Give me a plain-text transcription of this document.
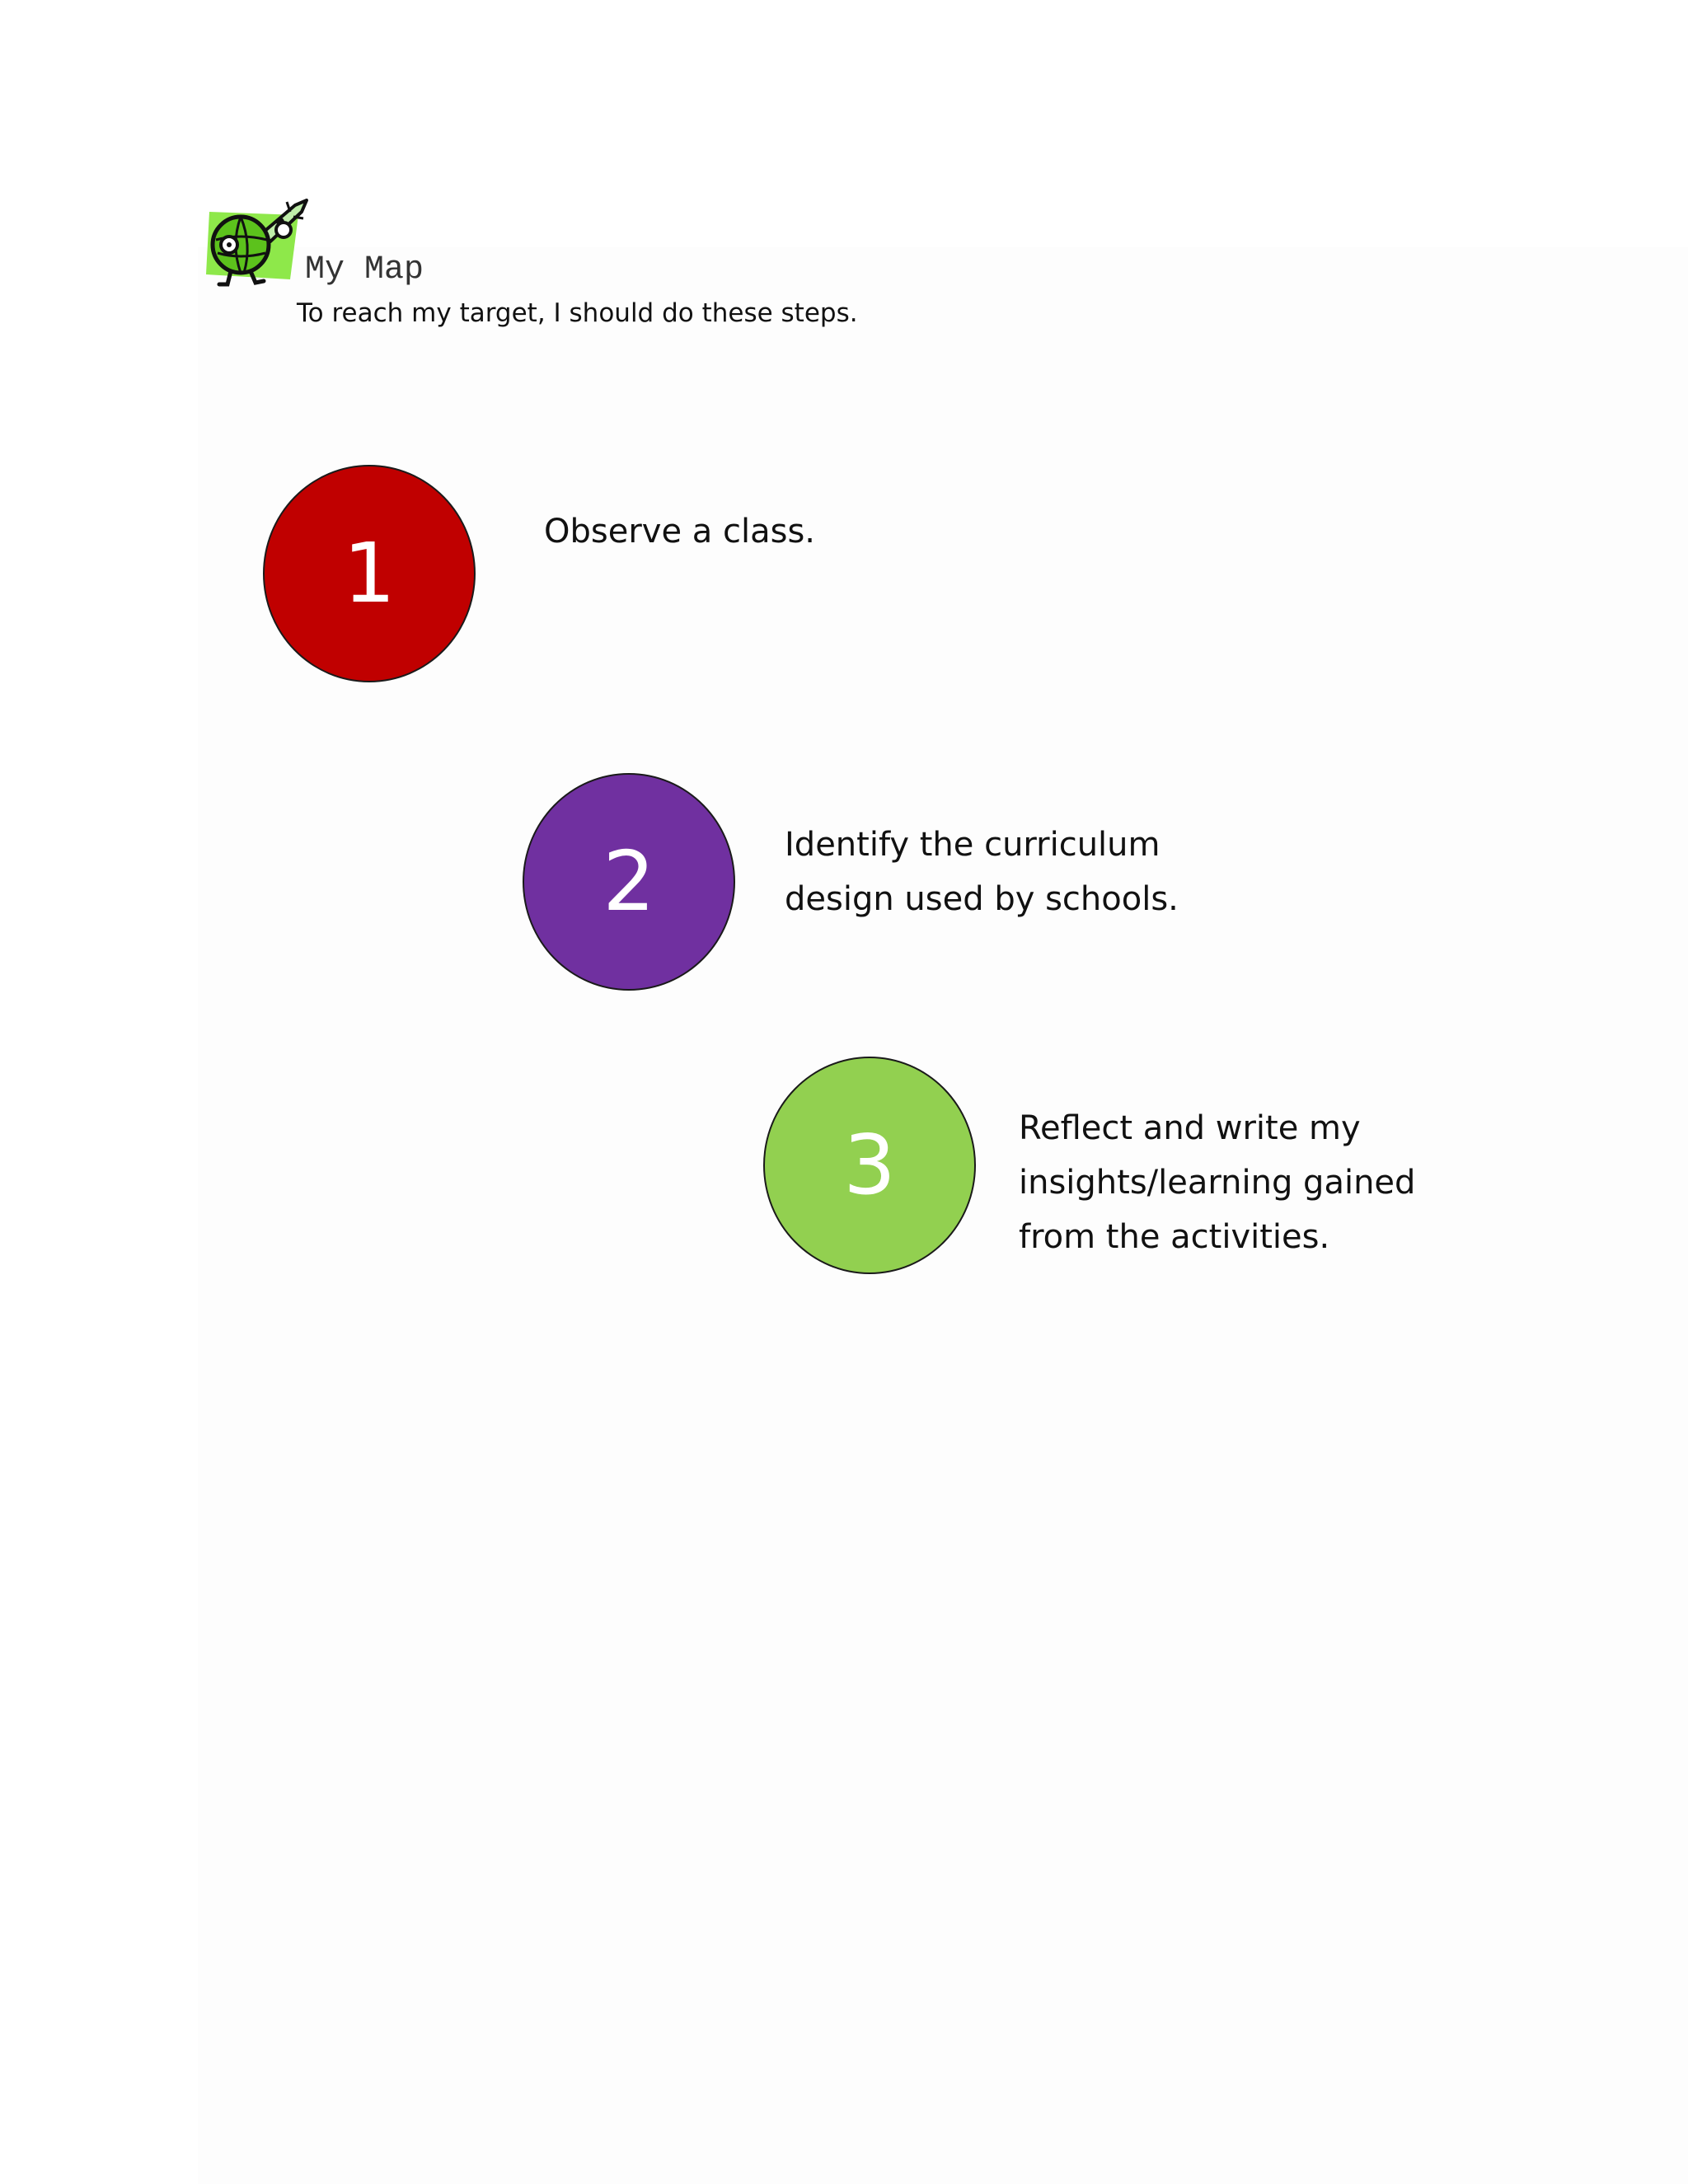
My Map
To reach my target, I should do these steps.
1	Observe a class.
2	Identify the curriculum
design used by schools.
3	Reflect and write my
insights/learning gained
from the activities.
